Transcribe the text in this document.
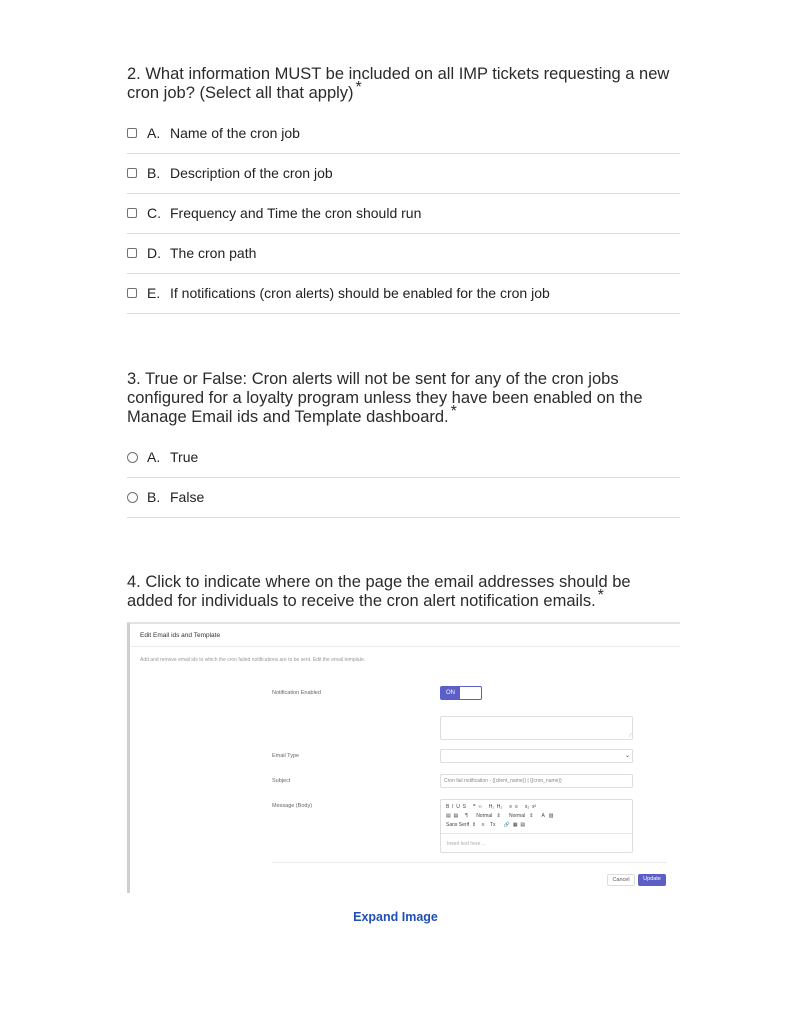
2. What information MUST be included on all IMP tickets requesting a new cron job? (Select all that apply) *

A. Name of the cron job
B. Description of the cron job
C. Frequency and Time the cron should run
D. The cron path
E. If notifications (cron alerts) should be enabled for the cron job

3. True or False: Cron alerts will not be sent for any of the cron jobs configured for a loyalty program unless they have been enabled on the Manage Email ids and Template dashboard. *

A. True
B. False

4. Click to indicate where on the page the email addresses should be added for individuals to receive the cron alert notification emails. *

Edit Email ids and Template
Add and remove email ids to which the cron failed notifications are to be sent. Edit the email template.
Notification Enabled	ON
⁄
Email Type	⌄
Subject	Cron fail notification - {{client_name}} | {{cron_name}}
Message (Body)	B  I  U  S     ❞  ‹›     H₁  H₂     ≡  ≡     x₂  x²
▤  ▤     ¶      Normal   ⇕      Normal   ⇕      A   ▨
Sans Serif  ⇕    ≡    Tx      🔗  ▦  ▤
Insert text here ...
Cancel	Update
Expand Image
